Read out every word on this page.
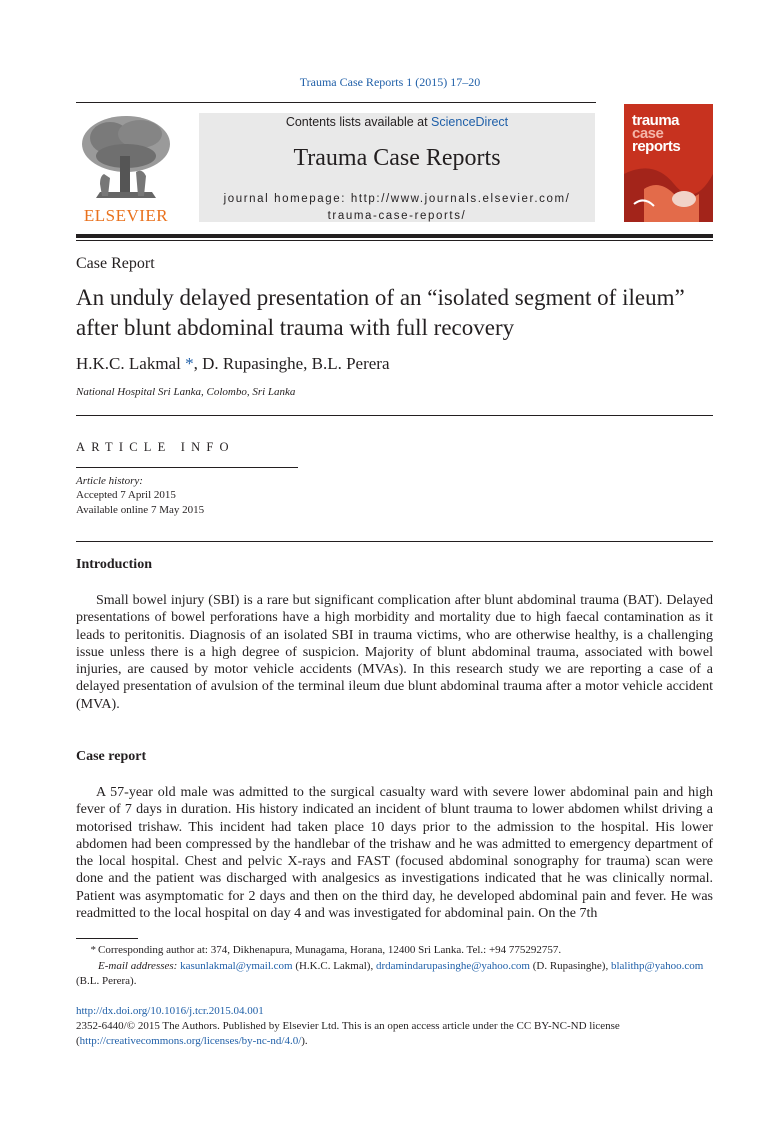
Trauma Case Reports 1 (2015) 17–20
ELSEVIER
Contents lists available at ScienceDirect
Trauma Case Reports
journal homepage: http://www.journals.elsevier.com/
trauma-case-reports/
trauma
case
reports
Case Report
An unduly delayed presentation of an “isolated segment of ileum” after blunt abdominal trauma with full recovery
H.K.C. Lakmal *, D. Rupasinghe, B.L. Perera
National Hospital Sri Lanka, Colombo, Sri Lanka
ARTICLE INFO
Article history:
Accepted 7 April 2015
Available online 7 May 2015
Introduction
Small bowel injury (SBI) is a rare but significant complication after blunt abdominal trauma (BAT). Delayed presentations of bowel perforations have a high morbidity and mortality due to high faecal contamination as it leads to peritonitis. Diagnosis of an isolated SBI in trauma victims, who are otherwise healthy, is a challenging issue unless there is a high degree of suspicion. Majority of blunt abdominal trauma, associated with bowel injuries, are caused by motor vehicle accidents (MVAs). In this research study we are reporting a case of a delayed presentation of avulsion of the terminal ileum due blunt abdominal trauma after a motor vehicle accident (MVA).
Case report
A 57-year old male was admitted to the surgical casualty ward with severe lower abdominal pain and high fever of 7 days in duration. His history indicated an incident of blunt trauma to lower abdomen whilst driving a motorised trishaw. This incident had taken place 10 days prior to the admission to the hospital. His lower abdomen had been compressed by the handlebar of the trishaw and he was admitted to emergency department of the local hospital. Chest and pelvic X-rays and FAST (focused abdominal sonography for trauma) scan were done and the patient was discharged with analgesics as investigations indicated that he was clinically normal. Patient was asymptomatic for 2 days and then on the third day, he developed abdominal pain and fever. He was readmitted to the local hospital on day 4 and was investigated for abdominal pain. On the 7th
* Corresponding author at: 374, Dikhenapura, Munagama, Horana, 12400 Sri Lanka. Tel.: +94 775292757.
E-mail addresses: kasunlakmal@ymail.com (H.K.C. Lakmal), drdamindarupasinghe@yahoo.com (D. Rupasinghe), blalithp@yahoo.com
(B.L. Perera).
http://dx.doi.org/10.1016/j.tcr.2015.04.001
2352-6440/© 2015 The Authors. Published by Elsevier Ltd. This is an open access article under the CC BY-NC-ND license (http://creativecommons.org/licenses/by-nc-nd/4.0/).
